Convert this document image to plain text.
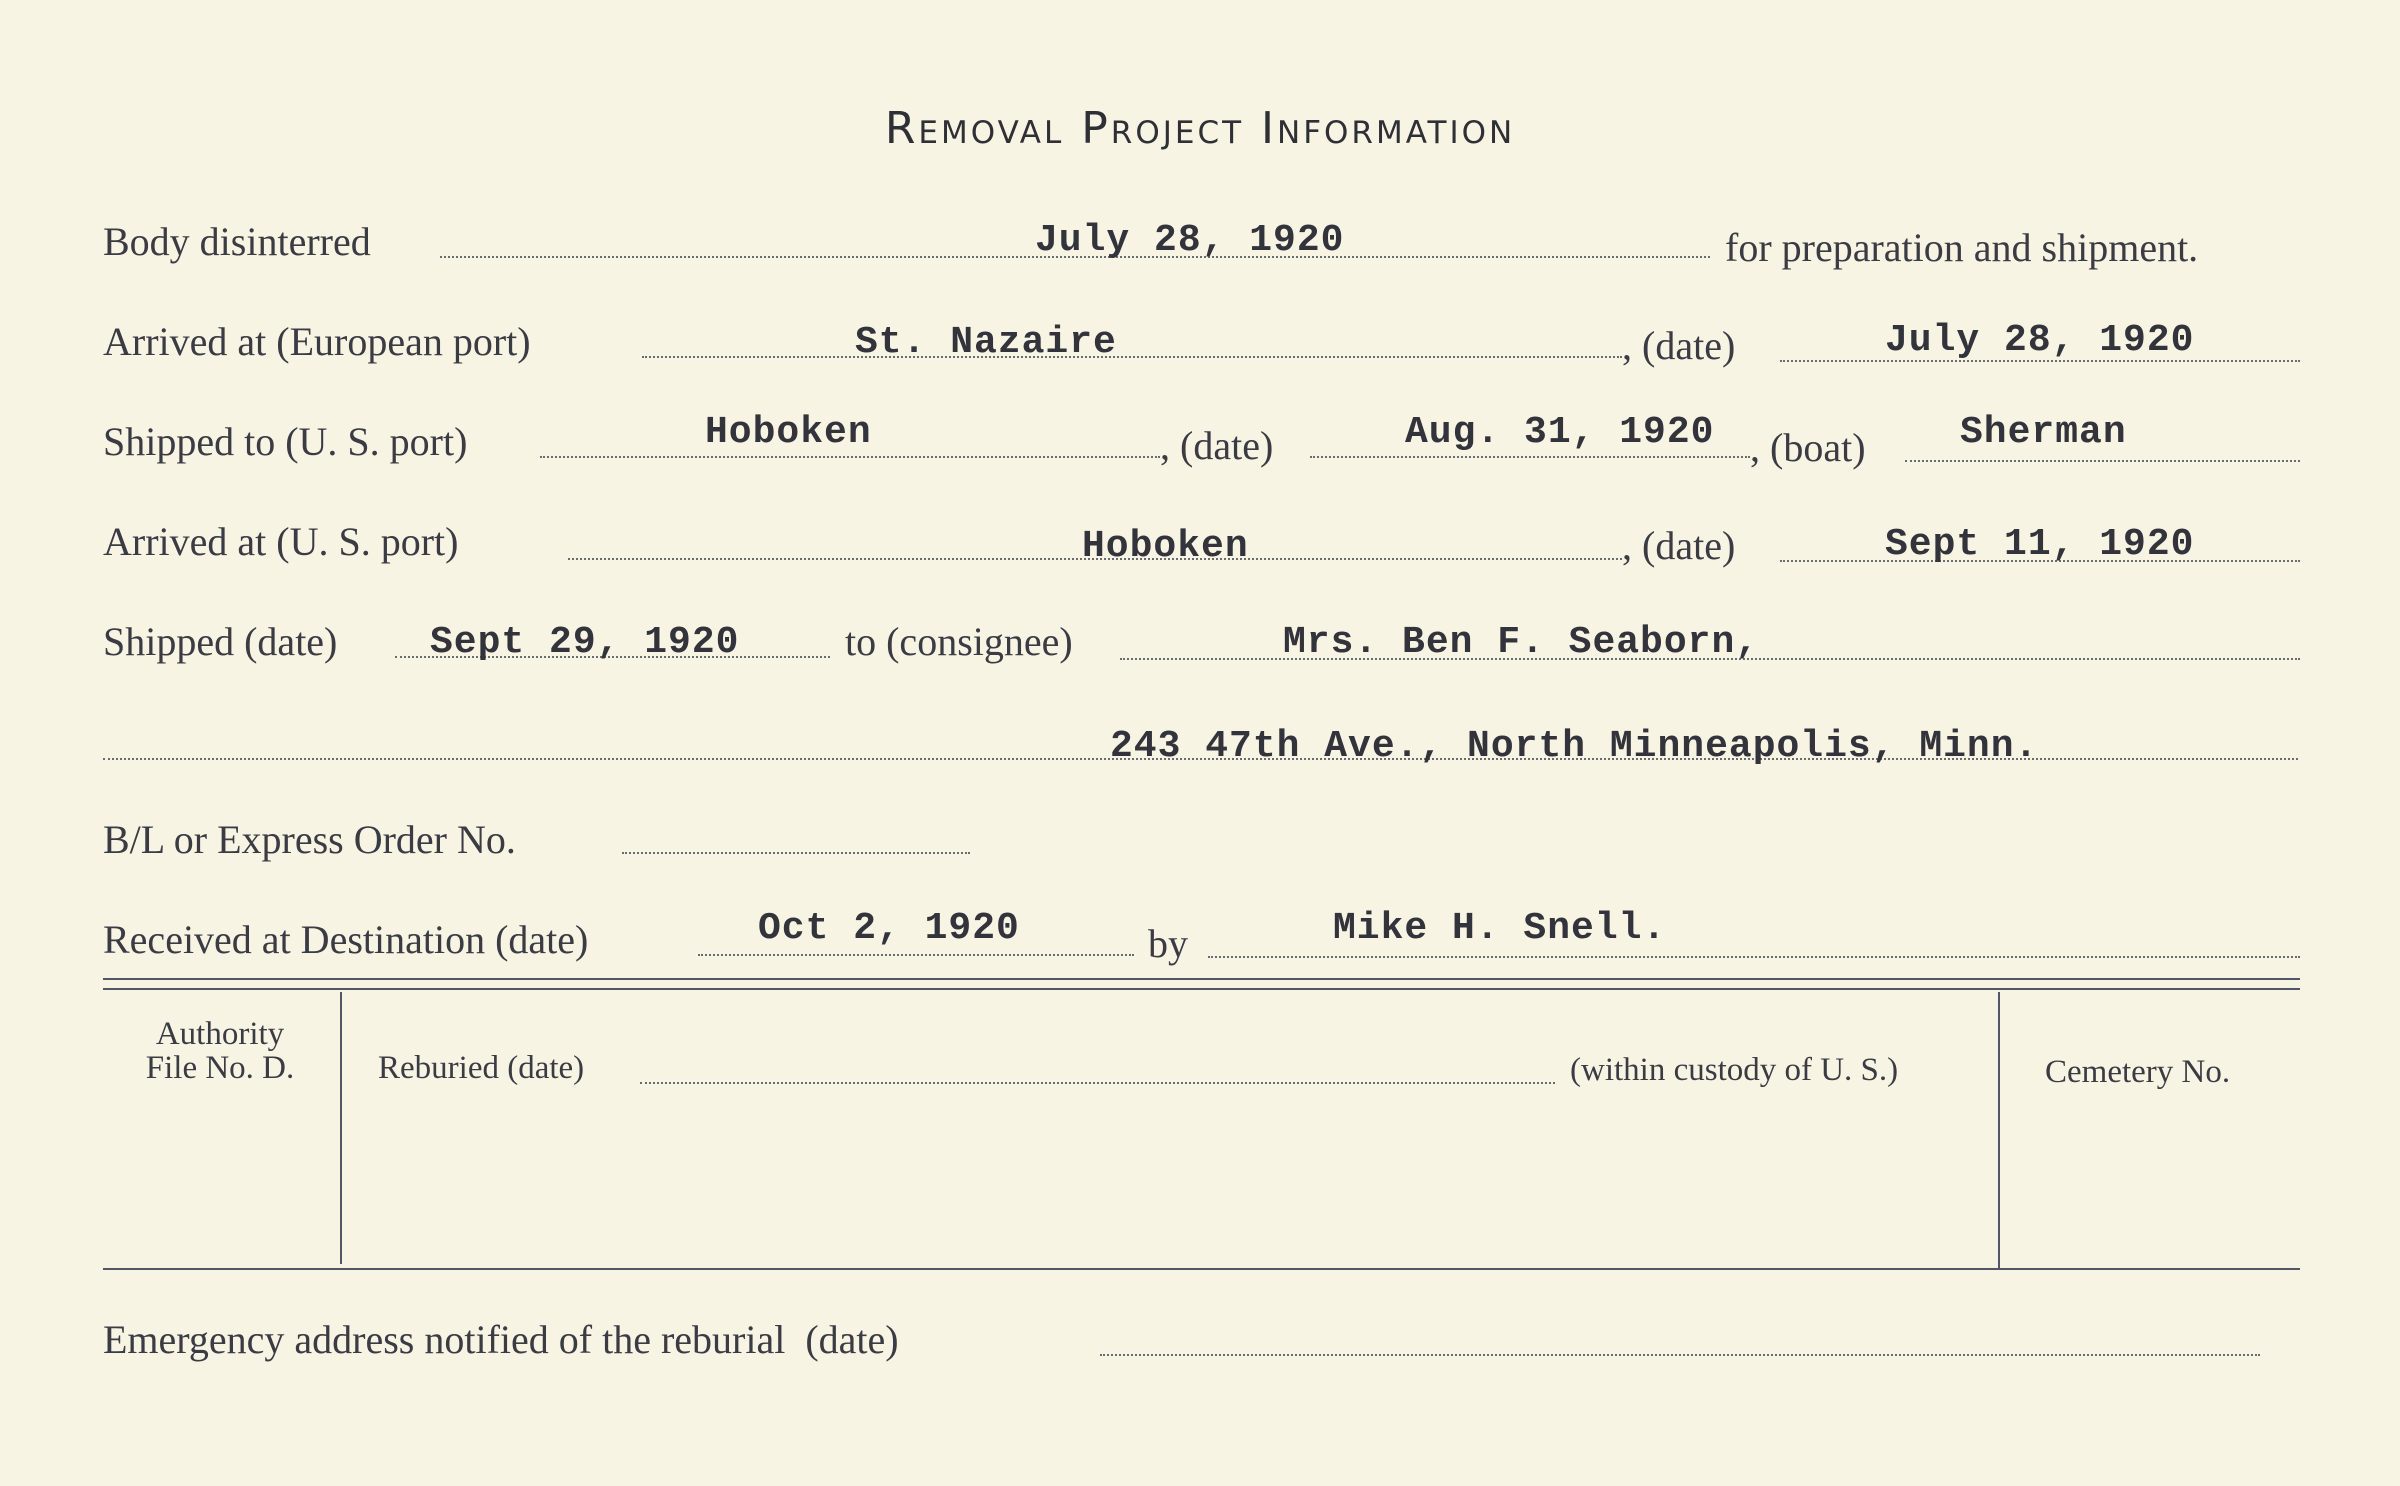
Removal Project Information
Body disinterred	July 28, 1920	for preparation and shipment.
Arrived at (European port)	St. Nazaire	, (date)	July 28, 1920
Shipped to (U. S. port)	Hoboken	, (date)	Aug. 31, 1920 , (boat) Sherman
Arrived at (U. S. port)	Hoboken	, (date)	Sept 11, 1920
Shipped (date) Sept 29, 1920	to (consignee)	Mrs. Ben F. Seaborn,
243 47th Ave., North Minneapolis, Minn.
B/L or Express Order No.
Received at Destination (date)	Oct 2, 1920	by	Mike H. Snell.
Authority
File No. D.	Reburied (date)	(within custody of U. S.)	Cemetery No.
Emergency address notified of the reburial  (date)
